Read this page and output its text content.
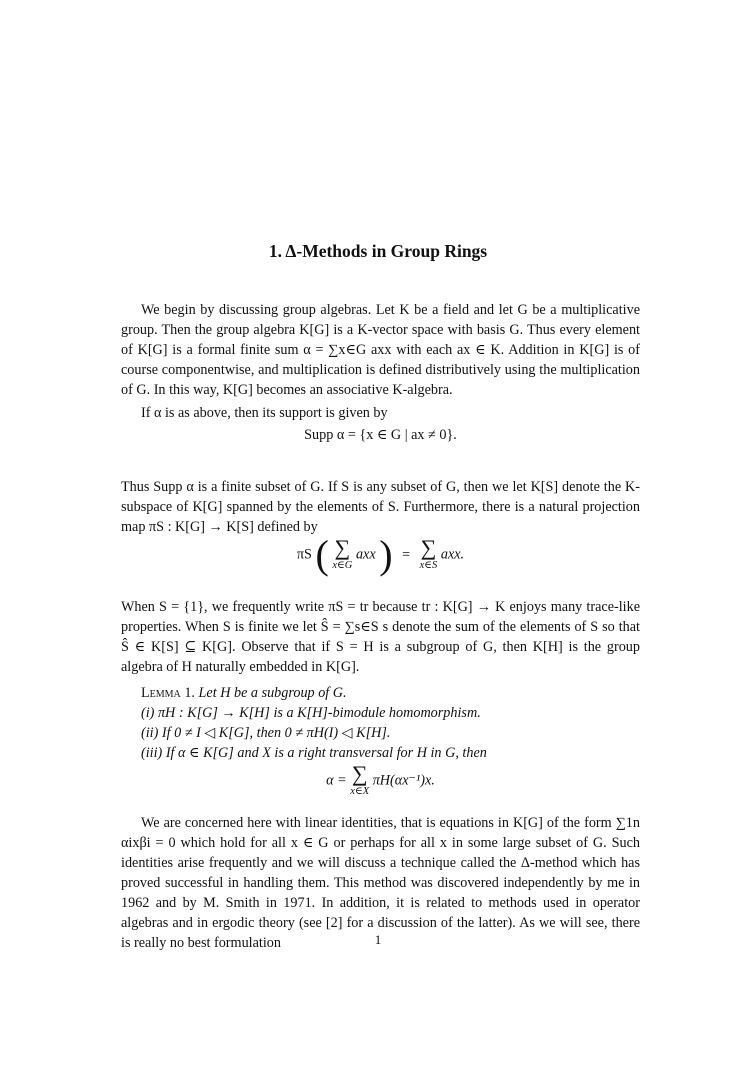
1. Δ-Methods in Group Rings

We begin by discussing group algebras. Let K be a field and let G be a multiplicative group. Then the group algebra K[G] is a K-vector space with basis G. Thus every element of K[G] is a formal finite sum α = ∑x∈G axx with each ax ∈ K. Addition in K[G] is of course componentwise, and multiplication is defined distributively using the multiplication of G. In this way, K[G] becomes an associative K-algebra.

If α is as above, then its support is given by

Supp α = {x ∈ G | ax ≠ 0}.

Thus Supp α is a finite subset of G. If S is any subset of G, then we let K[S] denote the K-subspace of K[G] spanned by the elements of S. Furthermore, there is a natural projection map πS : K[G] → K[S] defined by

πS ( ∑
x∈G
axx ) = ∑
x∈S
axx.

When S = {1}, we frequently write πS = tr because tr : K[G] → K enjoys many trace-like properties. When S is finite we let Ŝ = ∑s∈S s denote the sum of the elements of S so that Ŝ ∈ K[S] ⊆ K[G]. Observe that if S = H is a subgroup of G, then K[H] is the group algebra of H naturally embedded in K[G].

Lemma 1. Let H be a subgroup of G.

(i) πH : K[G] → K[H] is a K[H]-bimodule homomorphism.

(ii) If 0 ≠ I ◁ K[G], then 0 ≠ πH(I) ◁ K[H].

(iii) If α ∈ K[G] and X is a right transversal for H in G, then

α = ∑
x∈X
πH(αx⁻¹)x.

We are concerned here with linear identities, that is equations in K[G] of the form ∑1n αixβi = 0 which hold for all x ∈ G or perhaps for all x in some large subset of G. Such identities arise frequently and we will discuss a technique called the Δ-method which has proved successful in handling them. This method was discovered independently by me in 1962 and by M. Smith in 1971. In addition, it is related to methods used in operator algebras and in ergodic theory (see [2] for a discussion of the latter). As we will see, there is really no best formulation	1
